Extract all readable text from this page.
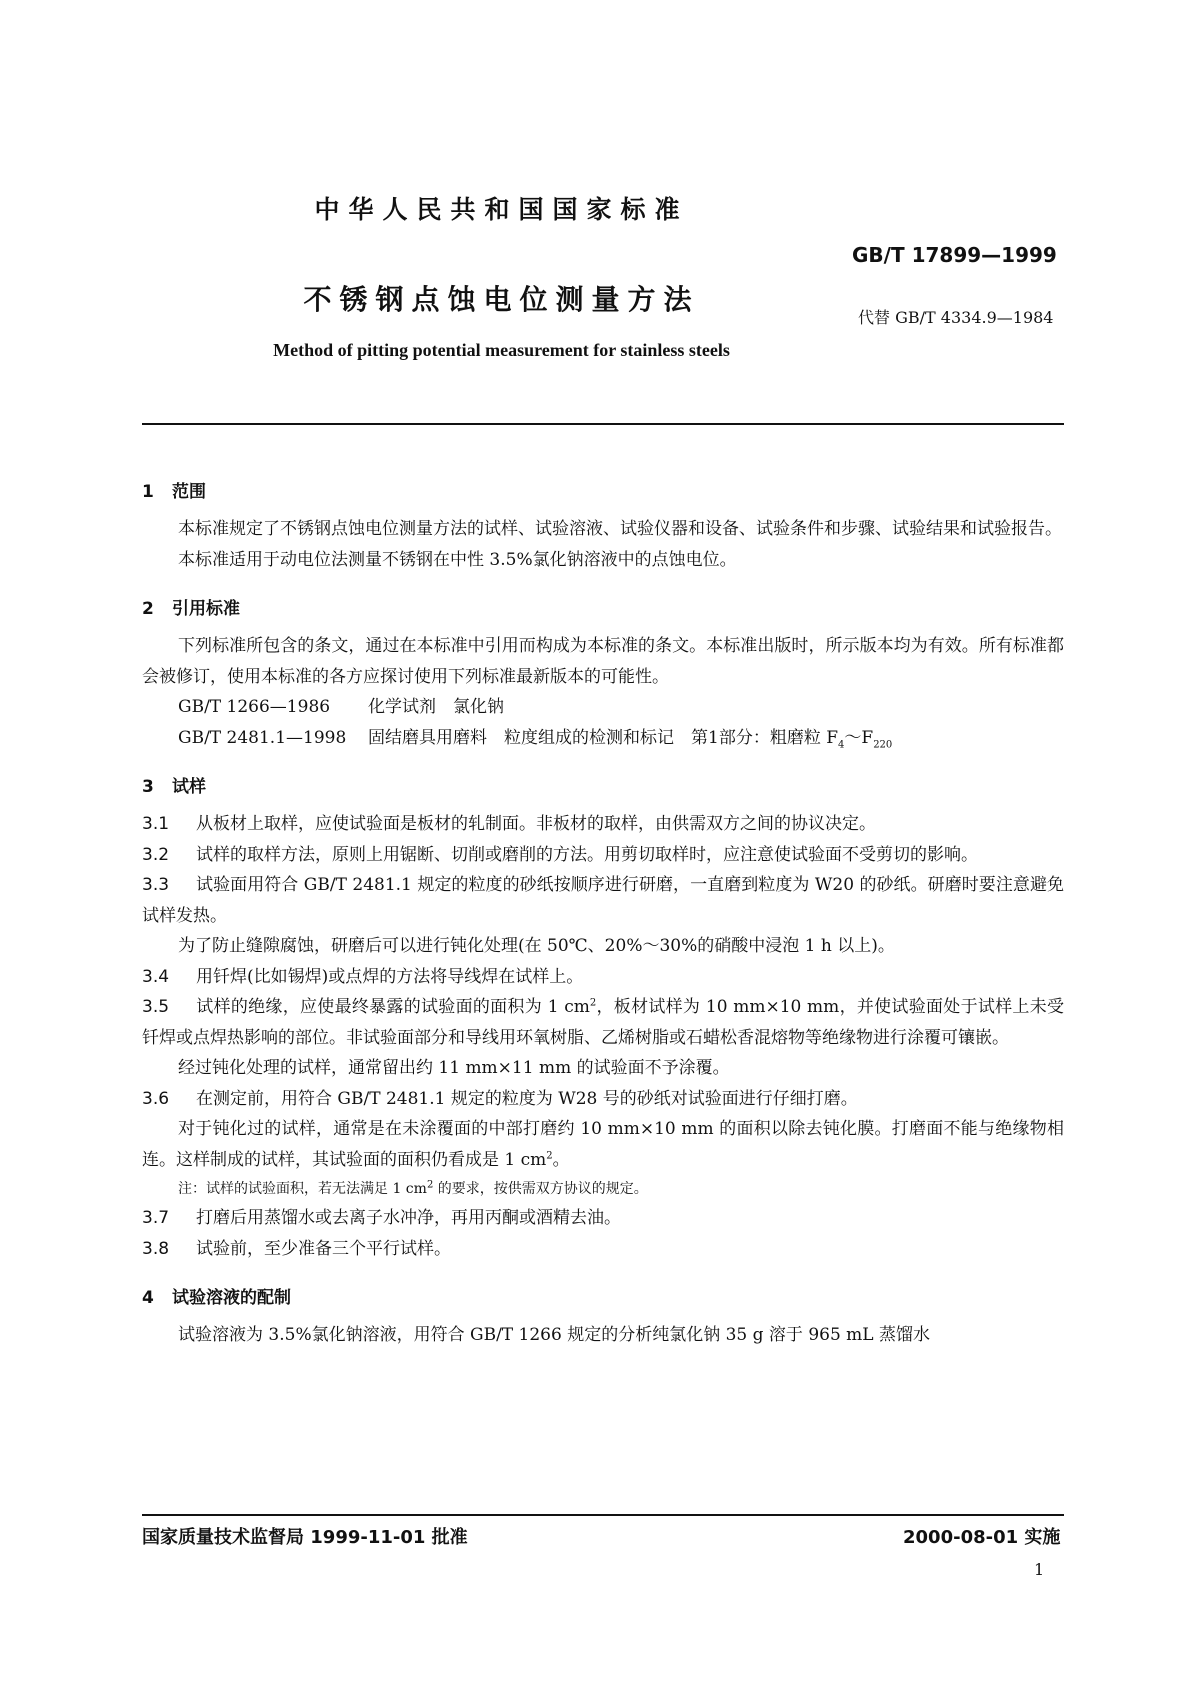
中华人民共和国国家标准
GB/T 17899—1999
不锈钢点蚀电位测量方法
代替 GB/T 4334.9—1984
Method of pitting potential measurement for stainless steels
1 范围

本标准规定了不锈钢点蚀电位测量方法的试样、试验溶液、试验仪器和设备、试验条件和步骤、试验结果和试验报告。

本标准适用于动电位法测量不锈钢在中性 3.5%氯化钠溶液中的点蚀电位。

2 引用标准

下列标准所包含的条文，通过在本标准中引用而构成为本标准的条文。本标准出版时，所示版本均为有效。所有标准都会被修订，使用本标准的各方应探讨使用下列标准最新版本的可能性。

GB/T 1266—1986 化学试剂　氯化钠

GB/T 2481.1—1998 固结磨具用磨料　粒度组成的检测和标记　第1部分：粗磨粒 $F_4\sim F_{220}$

3 试样

3.1 从板材上取样，应使试验面是板材的轧制面。非板材的取样，由供需双方之间的协议决定。

3.2 试样的取样方法，原则上用锯断、切削或磨削的方法。用剪切取样时，应注意使试验面不受剪切的影响。

3.3 试验面用符合 GB/T 2481.1 规定的粒度的砂纸按顺序进行研磨，一直磨到粒度为 W20 的砂纸。研磨时要注意避免试样发热。

为了防止缝隙腐蚀，研磨后可以进行钝化处理(在 50℃、20%～30%的硝酸中浸泡 1 h 以上)。

3.4 用钎焊(比如锡焊)或点焊的方法将导线焊在试样上。

3.5 试样的绝缘，应使最终暴露的试验面的面积为 1 $cm^2$，板材试样为 10 mm×10 mm，并使试验面处于试样上未受钎焊或点焊热影响的部位。非试验面部分和导线用环氧树脂、乙烯树脂或石蜡松香混熔物等绝缘物进行涂覆可镶嵌。

经过钝化处理的试样，通常留出约 11 mm×11 mm 的试验面不予涂覆。

3.6 在测定前，用符合 GB/T 2481.1 规定的粒度为 W28 号的砂纸对试验面进行仔细打磨。

对于钝化过的试样，通常是在未涂覆面的中部打磨约 10 mm×10 mm 的面积以除去钝化膜。打磨面不能与绝缘物相连。这样制成的试样，其试验面的面积仍看成是 1 $cm^2$。

注：试样的试验面积，若无法满足 1 $cm^2$ 的要求，按供需双方协议的规定。

3.7 打磨后用蒸馏水或去离子水冲净，再用丙酮或酒精去油。

3.8 试验前，至少准备三个平行试样。

4 试验溶液的配制

试验溶液为 3.5%氯化钠溶液，用符合 GB/T 1266 规定的分析纯氯化钠 35 g 溶于 965 mL 蒸馏水

国家质量技术监督局 1999-11-01 批准	2000-08-01 实施
1
